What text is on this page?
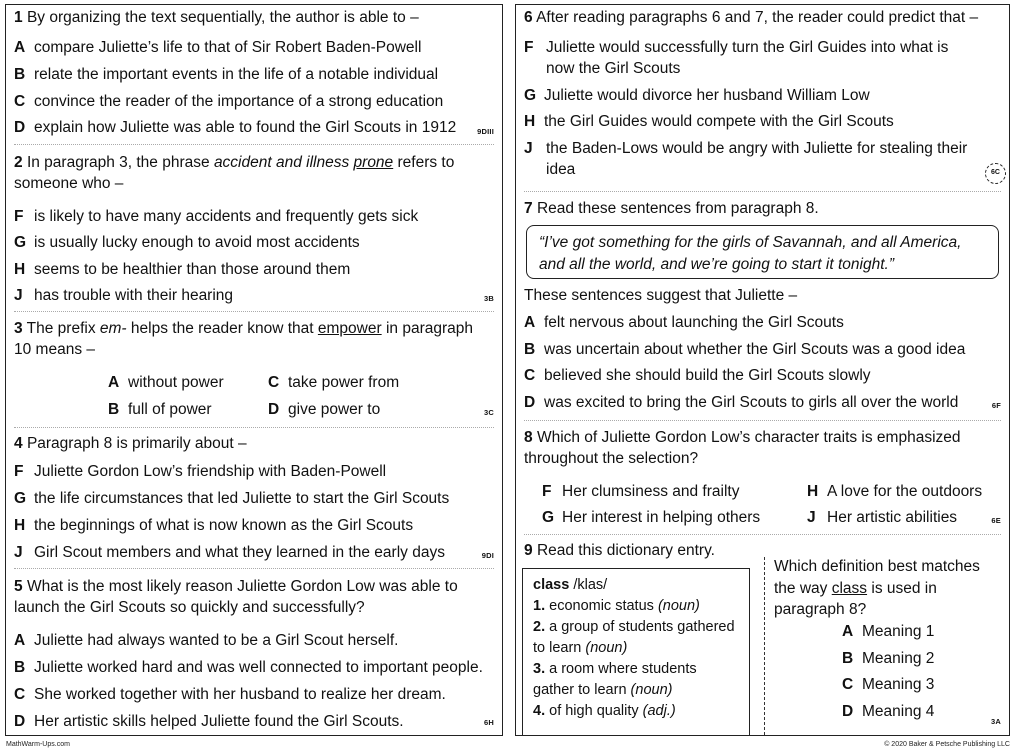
1 By organizing the text sequentially, the author is able to –
A compare Juliette’s life to that of Sir Robert Baden-Powell
B relate the important events in the life of a notable individual
C convince the reader of the importance of a strong education
D explain how Juliette was able to found the Girl Scouts in 1912	9DIII
2 In paragraph 3, the phrase accident and illness prone refers to someone who –
F is likely to have many accidents and frequently gets sick
G is usually lucky enough to avoid most accidents
H seems to be healthier than those around them
J has trouble with their hearing	3B
3 The prefix em- helps the reader know that empower in paragraph 10 means –
A without power
B full of power
C take power from
D give power to	3C
4 Paragraph 8 is primarily about –
F Juliette Gordon Low’s friendship with Baden-Powell
G the life circumstances that led Juliette to start the Girl Scouts
H the beginnings of what is now known as the Girl Scouts
J Girl Scout members and what they learned in the early days	9DI
5 What is the most likely reason Juliette Gordon Low was able to launch the Girl Scouts so quickly and successfully?
A Juliette had always wanted to be a Girl Scout herself.
B Juliette worked hard and was well connected to important people.
C She worked together with her husband to realize her dream.
D Her artistic skills helped Juliette found the Girl Scouts.	6H
6 After reading paragraphs 6 and 7, the reader could predict that –
F Juliette would successfully turn the Girl Guides into what is now the Girl Scouts
G Juliette would divorce her husband William Low
H the Girl Guides would compete with the Girl Scouts
J the Baden-Lows would be angry with Juliette for stealing their idea	6C
7 Read these sentences from paragraph 8.
“I’ve got something for the girls of Savannah, and all America, and all the world, and we’re going to start it tonight.”
These sentences suggest that Juliette –
A felt nervous about launching the Girl Scouts
B was uncertain about whether the Girl Scouts was a good idea
C believed she should build the Girl Scouts slowly
D was excited to bring the Girl Scouts to girls all over the world	6F
8 Which of Juliette Gordon Low’s character traits is emphasized throughout the selection?
F Her clumsiness and frailty
G Her interest in helping others
H A love for the outdoors
J Her artistic abilities	6E
9 Read this dictionary entry.
class /klas/
1. economic status (noun)
2. a group of students gathered to learn (noun)
3. a room where students gather to learn (noun)
4. of high quality (adj.)
Which definition best matches the way class is used in paragraph 8?
A Meaning 1
B Meaning 2
C Meaning 3
D Meaning 4
3A
MathWarm-Ups.com	© 2020 Baker & Petsche Publishing LLC
